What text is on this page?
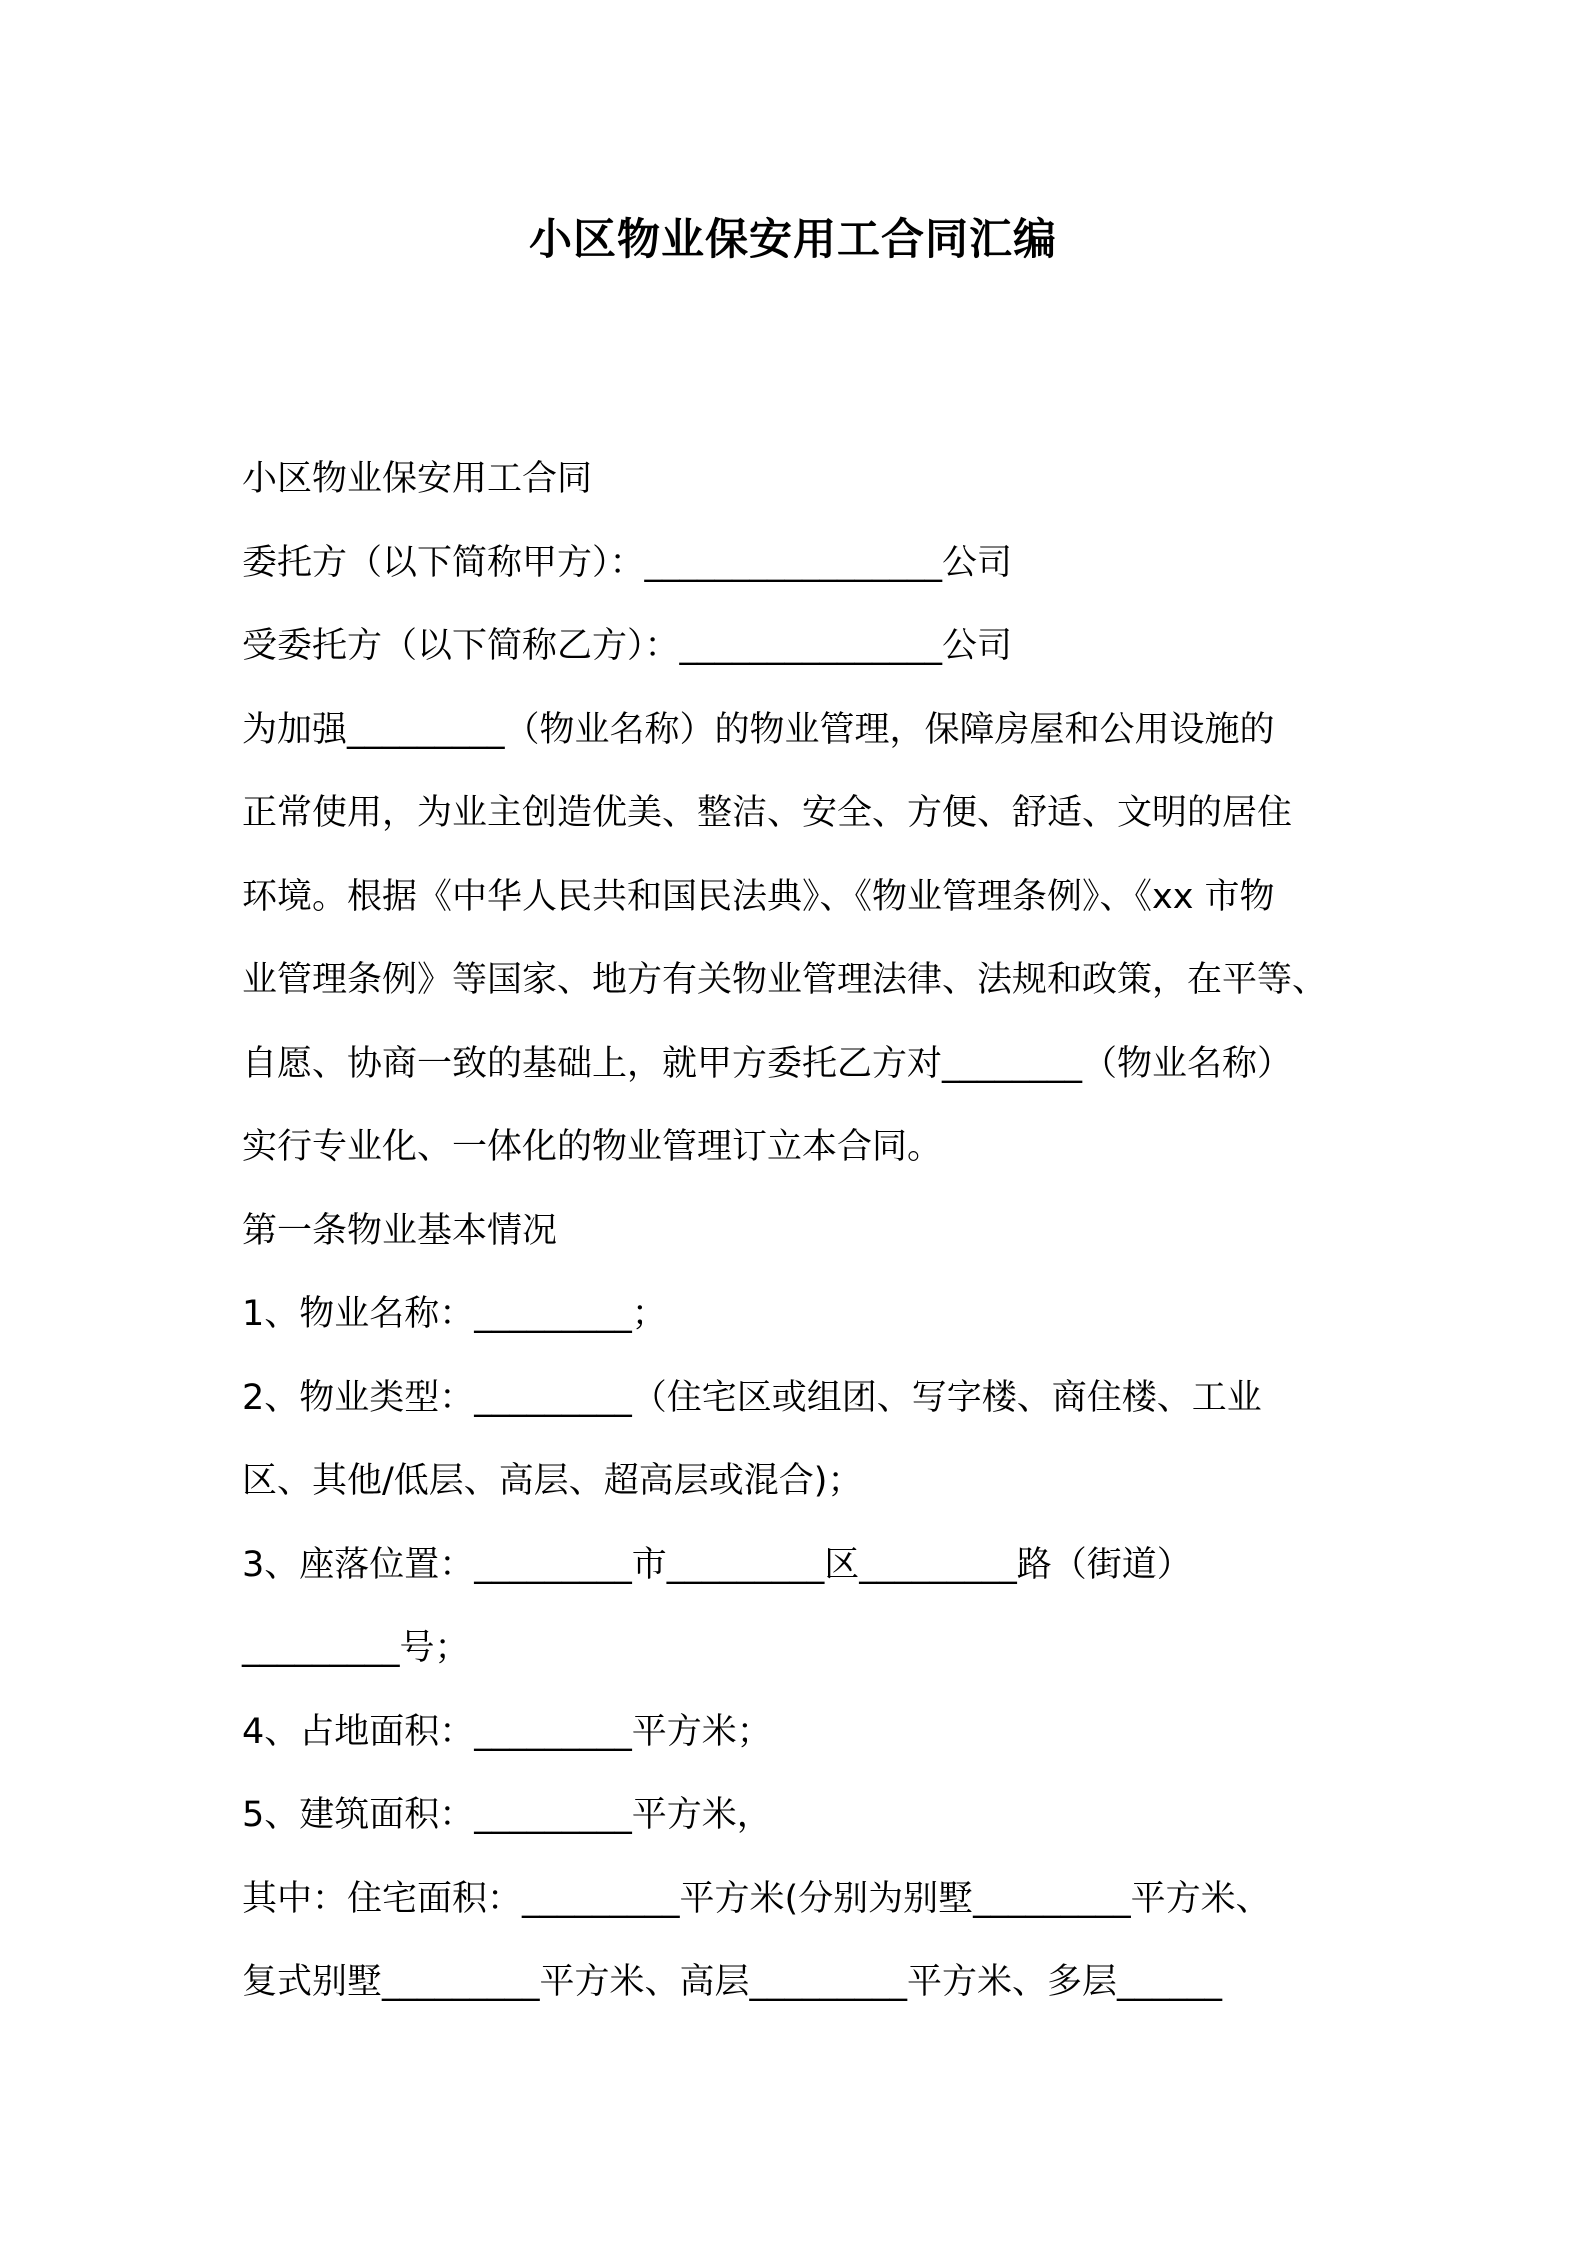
小区物业保安用工合同汇编
小区物业保安用工合同
委托方（以下简称甲方）：_________________公司
受委托方（以下简称乙方）：_______________公司
为加强_________（物业名称）的物业管理，保障房屋和公用设施的
正常使用，为业主创造优美、整洁、安全、方便、舒适、文明的居住
环境。根据《中华人民共和国民法典》、《物业管理条例》、《xx 市物
业管理条例》等国家、地方有关物业管理法律、法规和政策，在平等、
自愿、协商一致的基础上，就甲方委托乙方对________（物业名称）
实行专业化、一体化的物业管理订立本合同。
第一条物业基本情况
1、物业名称：_________；
2、物业类型：_________（住宅区或组团、写字楼、商住楼、工业
区、其他/低层、高层、超高层或混合)；
3、座落位置：_________市_________区_________路（街道）
_________号；
4、占地面积：_________平方米；
5、建筑面积：_________平方米，
其中：住宅面积：_________平方米(分别为别墅_________平方米、
复式别墅_________平方米、高层_________平方米、多层______
